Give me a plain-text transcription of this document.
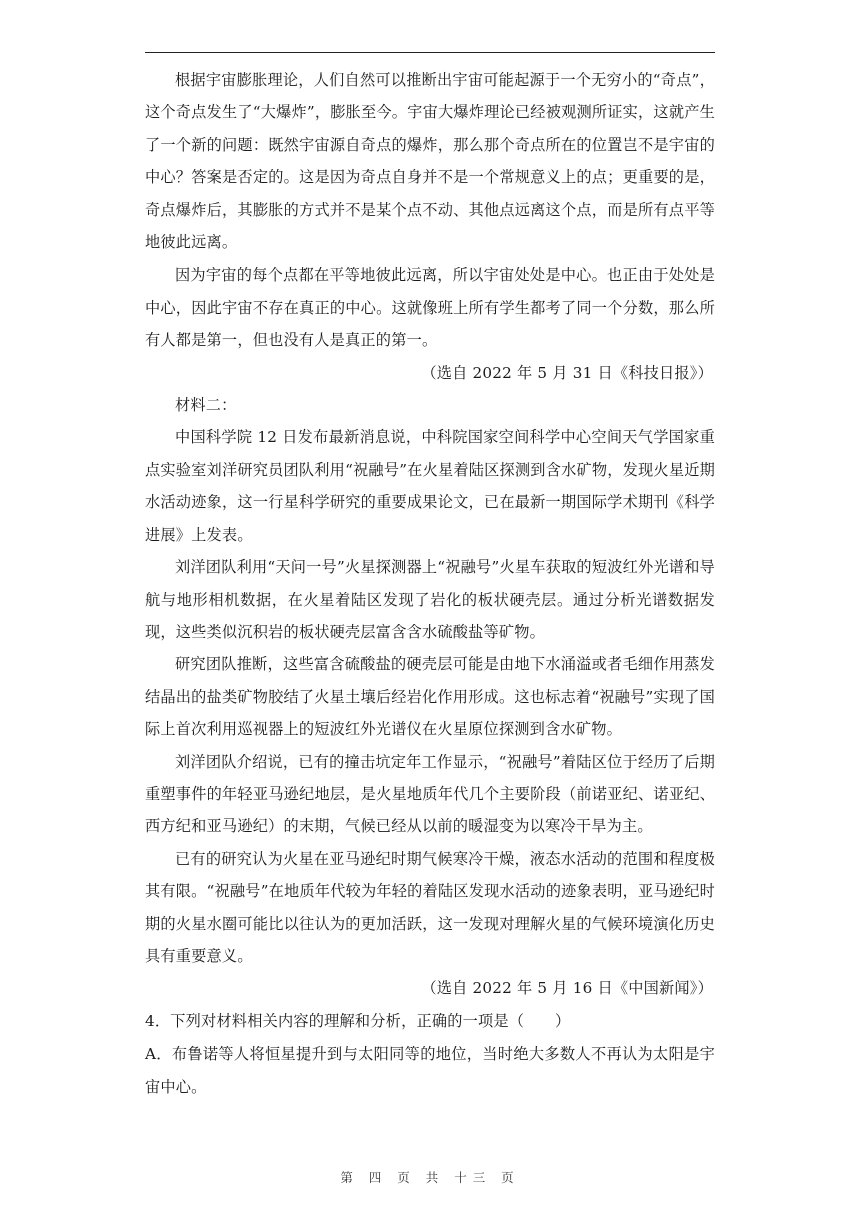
根据宇宙膨胀理论，人们自然可以推断出宇宙可能起源于一个无穷小的“奇点”，这个奇点发生了“大爆炸”，膨胀至今。宇宙大爆炸理论已经被观测所证实，这就产生了一个新的问题：既然宇宙源自奇点的爆炸，那么那个奇点所在的位置岂不是宇宙的中心？答案是否定的。这是因为奇点自身并不是一个常规意义上的点；更重要的是，奇点爆炸后，其膨胀的方式并不是某个点不动、其他点远离这个点，而是所有点平等地彼此远离。

因为宇宙的每个点都在平等地彼此远离，所以宇宙处处是中心。也正由于处处是中心，因此宇宙不存在真正的中心。这就像班上所有学生都考了同一个分数，那么所有人都是第一，但也没有人是真正的第一。

（选自 2022 年 5 月 31 日《科技日报》）

材料二：

中国科学院 12 日发布最新消息说，中科院国家空间科学中心空间天气学国家重点实验室刘洋研究员团队利用“祝融号”在火星着陆区探测到含水矿物，发现火星近期水活动迹象，这一行星科学研究的重要成果论文，已在最新一期国际学术期刊《科学进展》上发表。

刘洋团队利用“天问一号”火星探测器上“祝融号”火星车获取的短波红外光谱和导航与地形相机数据，在火星着陆区发现了岩化的板状硬壳层。通过分析光谱数据发现，这些类似沉积岩的板状硬壳层富含含水硫酸盐等矿物。

研究团队推断，这些富含硫酸盐的硬壳层可能是由地下水涌溢或者毛细作用蒸发结晶出的盐类矿物胶结了火星土壤后经岩化作用形成。这也标志着“祝融号”实现了国际上首次利用巡视器上的短波红外光谱仪在火星原位探测到含水矿物。

刘洋团队介绍说，已有的撞击坑定年工作显示，“祝融号”着陆区位于经历了后期重塑事件的年轻亚马逊纪地层，是火星地质年代几个主要阶段（前诺亚纪、诺亚纪、西方纪和亚马逊纪）的末期，气候已经从以前的暖湿变为以寒冷干旱为主。

已有的研究认为火星在亚马逊纪时期气候寒冷干燥，液态水活动的范围和程度极其有限。“祝融号”在地质年代较为年轻的着陆区发现水活动的迹象表明，亚马逊纪时期的火星水圈可能比以往认为的更加活跃，这一发现对理解火星的气候环境演化历史具有重要意义。

（选自 2022 年 5 月 16 日《中国新闻》）

4．下列对材料相关内容的理解和分析，正确的一项是（　　）

A．布鲁诺等人将恒星提升到与太阳同等的地位，当时绝大多数人不再认为太阳是宇宙中心。

第 四 页 共 十三 页
